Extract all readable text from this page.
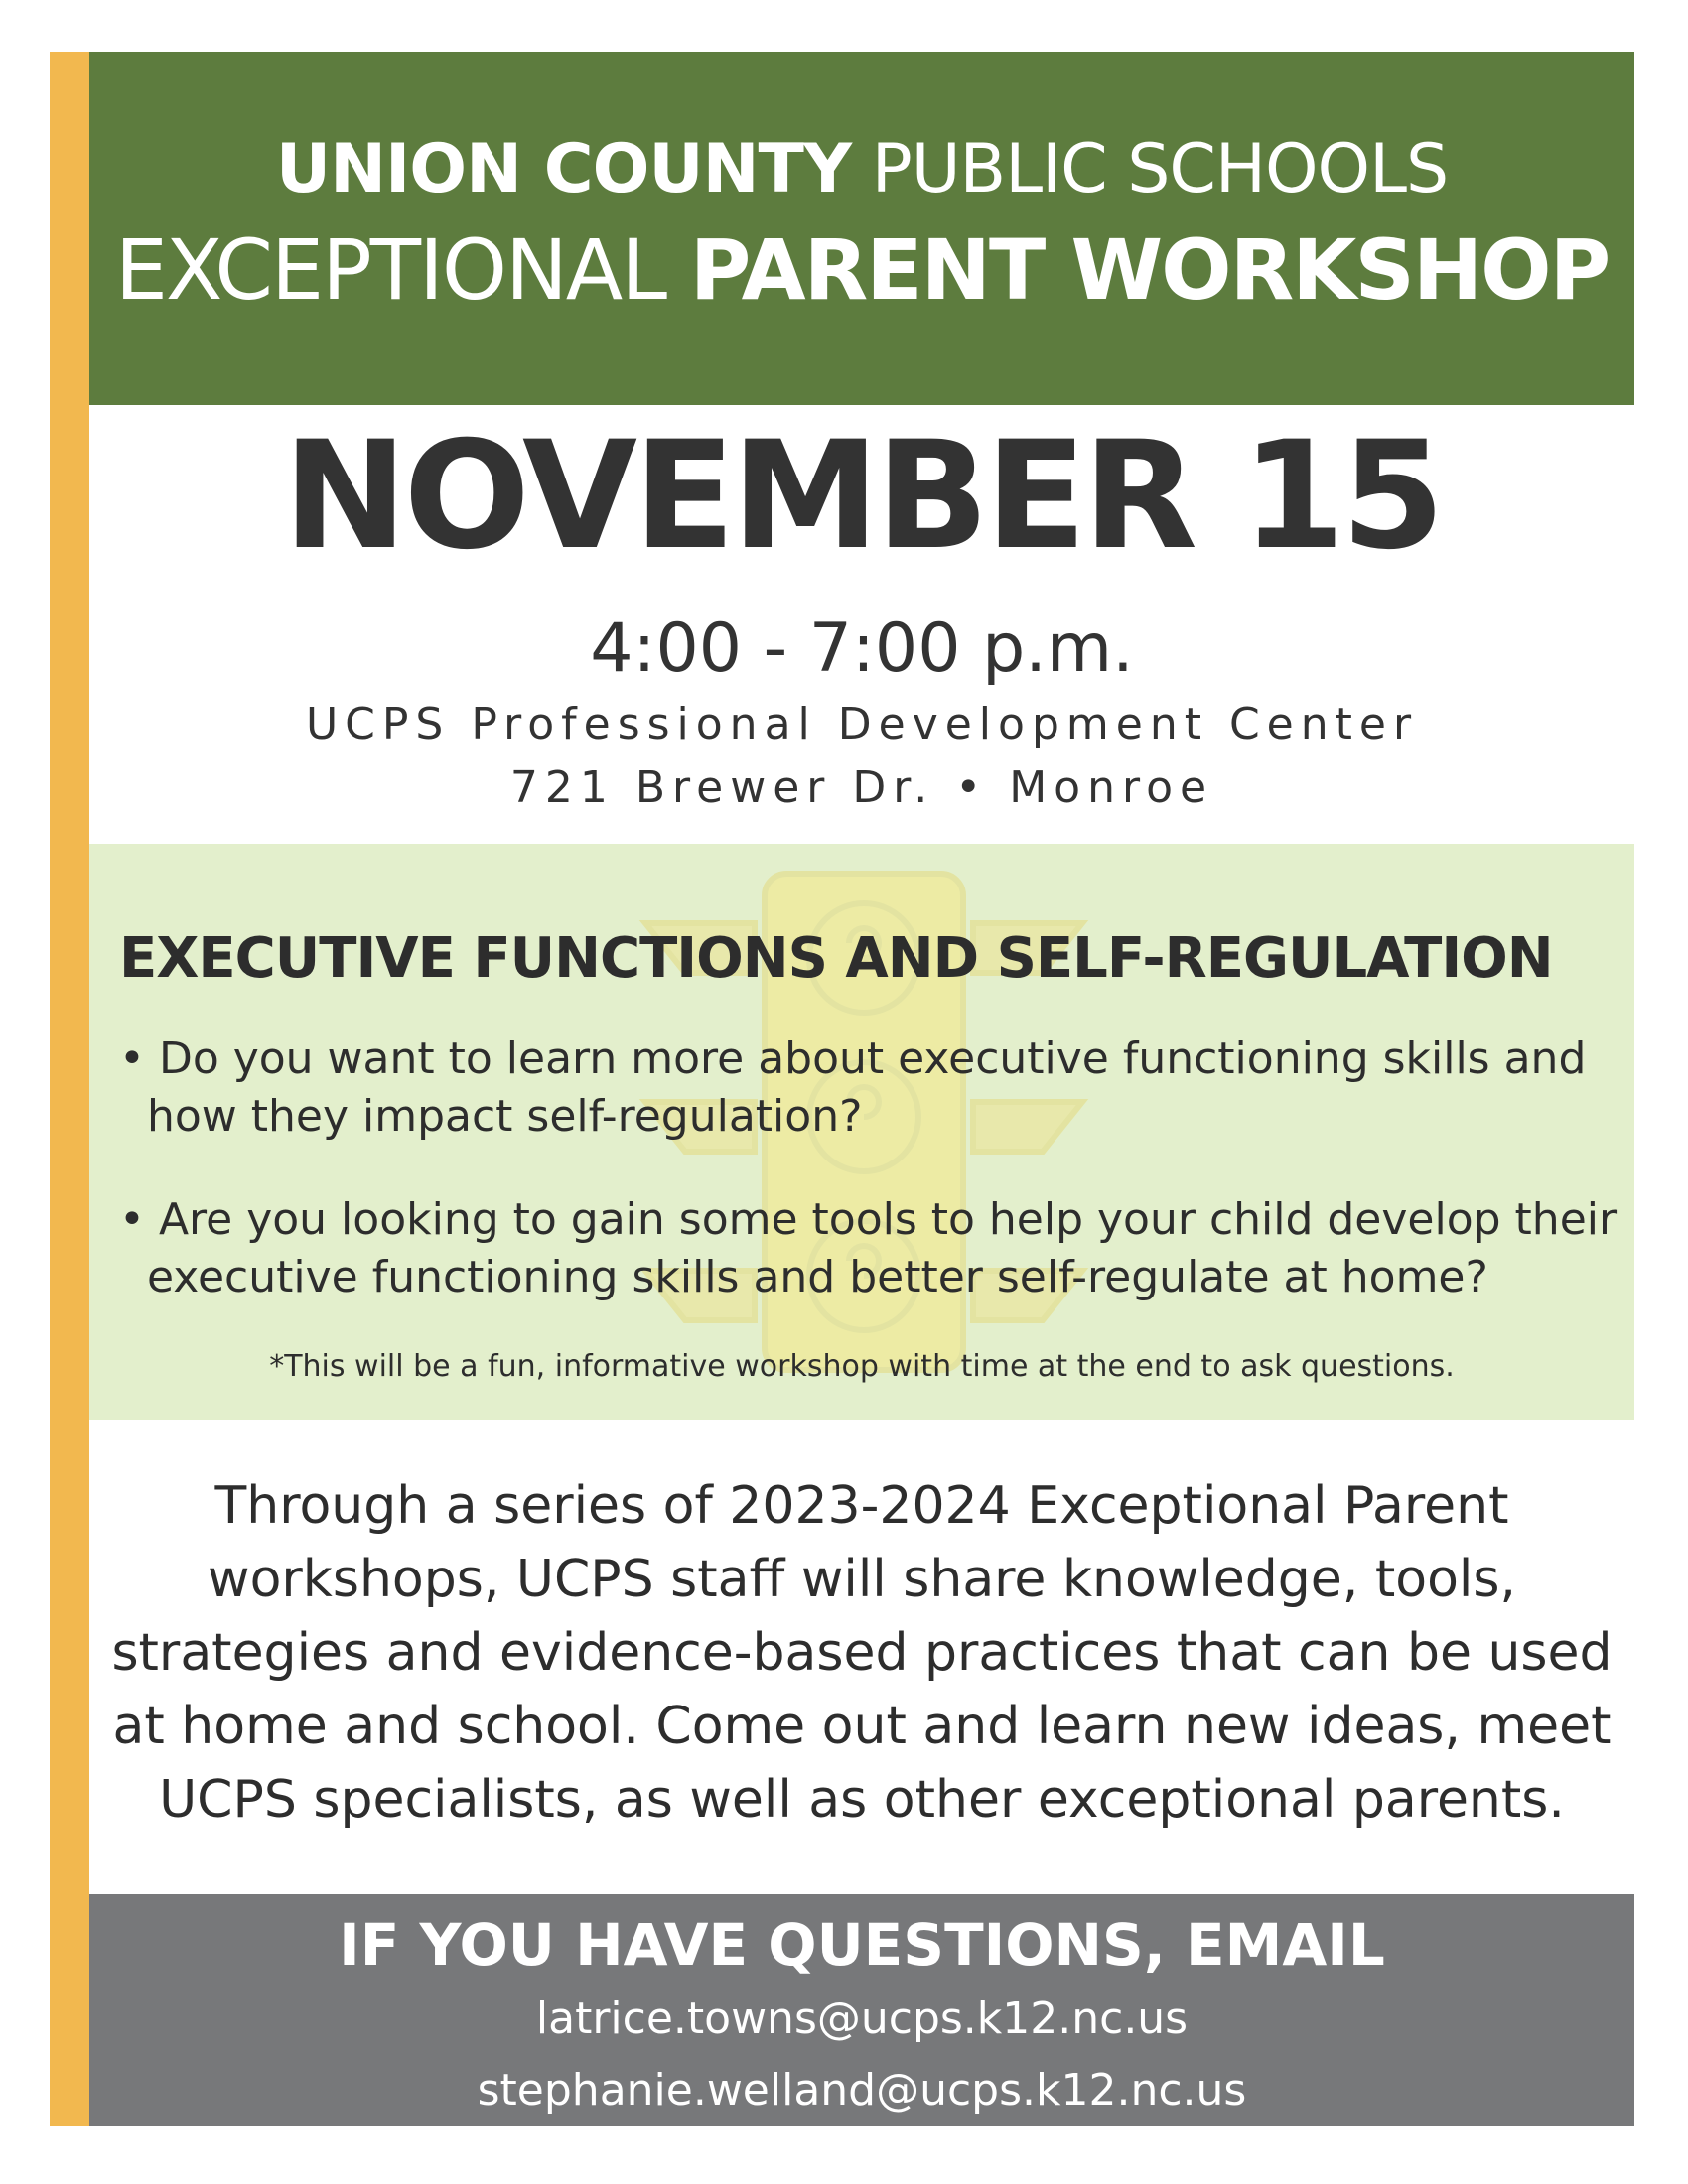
UNION COUNTY PUBLIC SCHOOLS
EXCEPTIONAL PARENT WORKSHOP
NOVEMBER 15
4:00 - 7:00 p.m.
UCPS Professional Development Center
721 Brewer Dr. • Monroe
EXECUTIVE FUNCTIONS AND SELF-REGULATION
• Do you want to learn more about executive functioning skills and how they impact self-regulation?
• Are you looking to gain some tools to help your child develop their executive functioning skills and better self-regulate at home?
*This will be a fun, informative workshop with time at the end to ask questions.
Through a series of 2023-2024 Exceptional Parent workshops, UCPS staff will share knowledge, tools, strategies and evidence-based practices that can be used at home and school. Come out and learn new ideas, meet UCPS specialists, as well as other exceptional parents.
IF YOU HAVE QUESTIONS, EMAIL
latrice.towns@ucps.k12.nc.us
stephanie.welland@ucps.k12.nc.us
